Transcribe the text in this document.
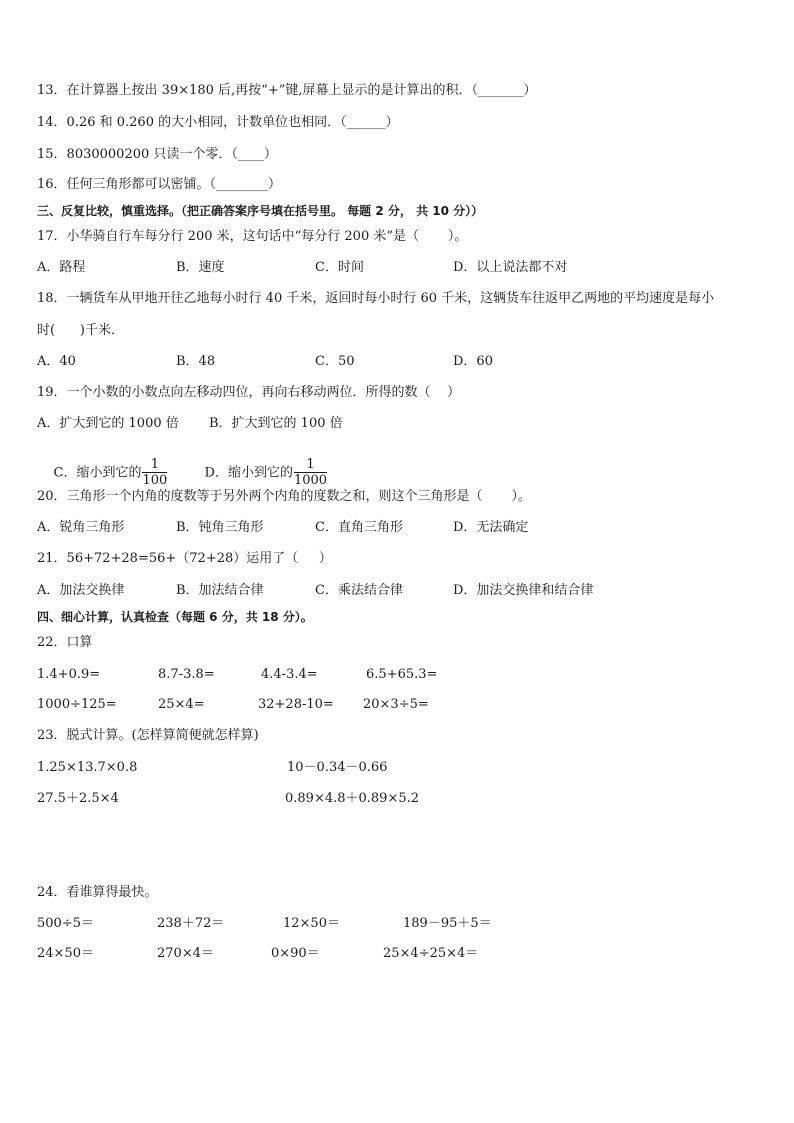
13．在计算器上按出 39×180 后,再按“+”键,屏幕上显示的是计算出的积．（_______）
14．0.26 和 0.260 的大小相同，计数单位也相同．（______）
15．8030000200 只读一个零．（____）
16．任何三角形都可以密铺。（________）
三、反复比较，慎重选择。（把正确答案序号填在括号里。 每题 2 分， 共 10 分））
17．小华骑自行车每分行 200 米，这句话中“每分行 200 米”是（       ）。
A．路程	B．速度	C．时间	D．以上说法都不对
18．一辆货车从甲地开往乙地每小时行 40 千米，返回时每小时行 60 千米，这辆货车往返甲乙两地的平均速度是每小
时(      )千米．
A．40	B．48	C．50	D．60
19．一个小数的小数点向左移动四位，再向右移动两位．所得的数（    ）
A．扩大到它的 1000 倍 B．扩大到它的 100 倍

C．缩小到它的 $\frac{1}{100}$

	D．缩小到它的 $\frac{1}{1000}$

20．三角形一个内角的度数等于另外两个内角的度数之和，则这个三角形是（       ）。
A．锐角三角形	B．钝角三角形	C．直角三角形	D．无法确定
21．56+72+28=56+（72+28）运用了（     ）
A．加法交换律	B．加法结合律	C．乘法结合律	D．加法交换律和结合律
四、细心计算，认真检查（每题 6 分，共 18 分）。
22．口算
1.4+0.9=	8.7-3.8=	4.4-3.4=	6.5+65.3=
1000÷125=	25×4=	32+28-10= 20×3÷5=
23．脱式计算。(怎样算简便就怎样算)
1.25×13.7×0.8	10－0.34－0.66
27.5＋2.5×4	0.89×4.8＋0.89×5.2
24．看谁算得最快。
500÷5＝	238＋72＝	12×50＝	189－95＋5＝
24×50＝	270×4＝	0×90＝	25×4÷25×4＝
